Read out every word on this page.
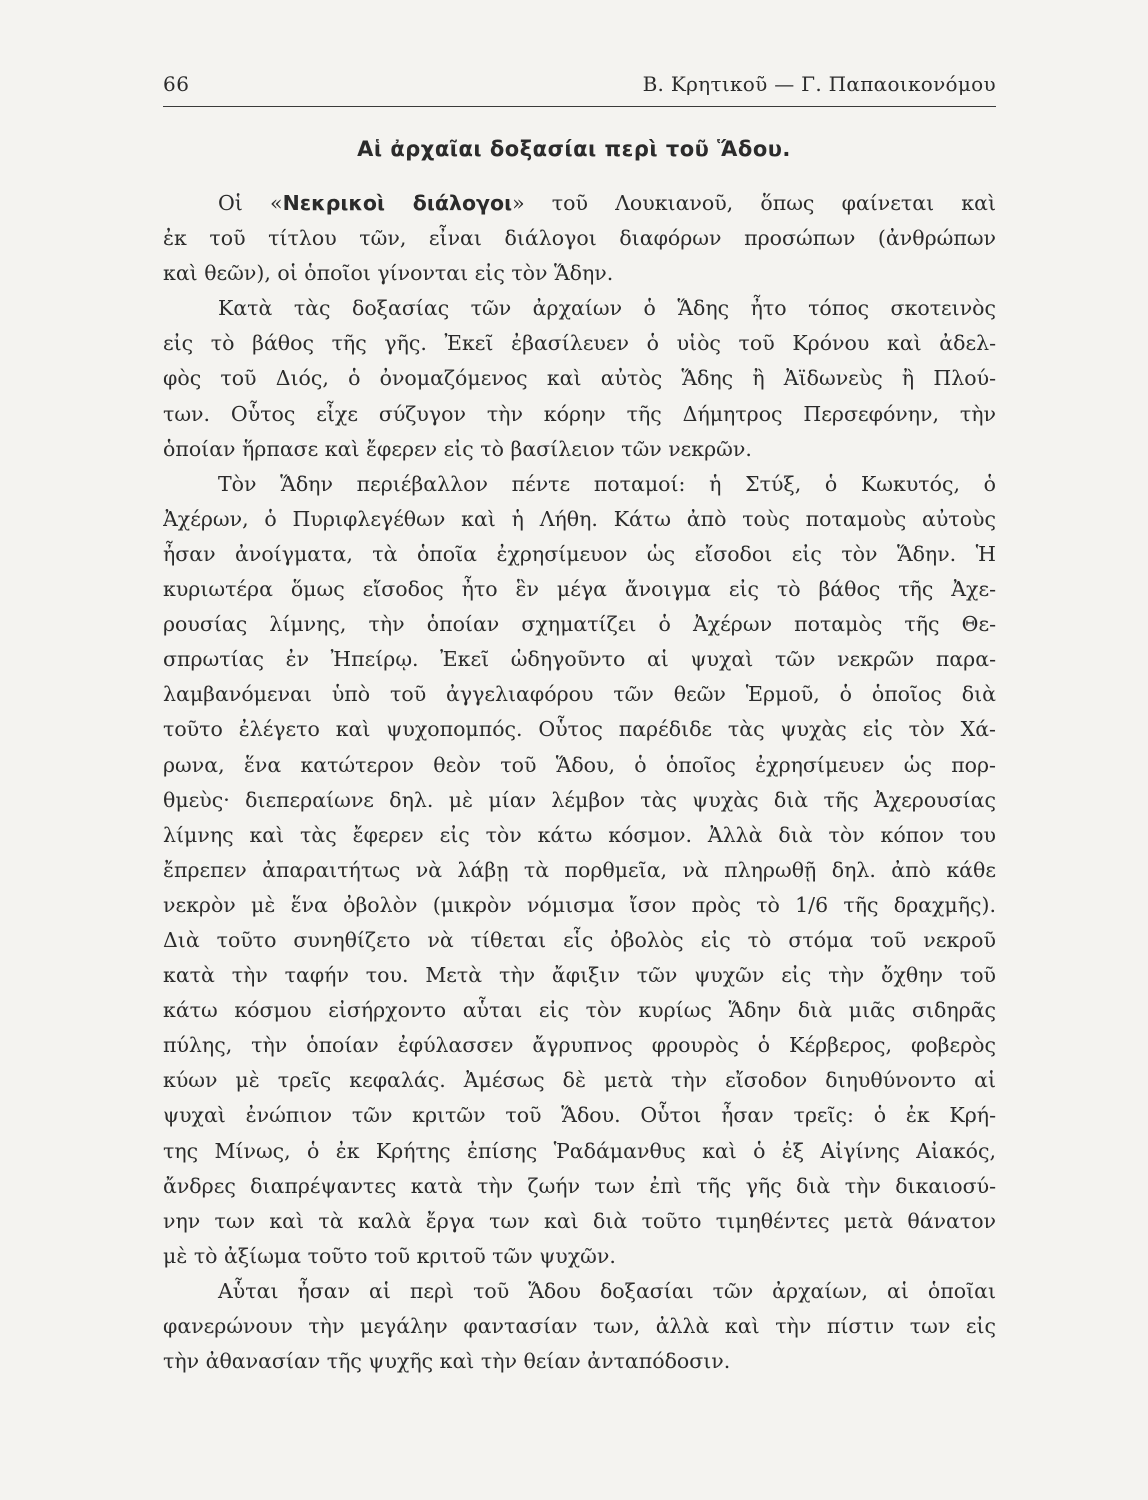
66	Β. Κρητικοῦ — Γ. Παπαοικονόμου
Αἱ ἀρχαῖαι δοξασίαι περὶ τοῦ Ἅδου.
Οἱ «Νεκρικοὶ διάλογοι» τοῦ Λουκιανοῦ, ὅπως φαίνεται καὶ
ἐκ τοῦ τίτλου τῶν, εἶναι διάλογοι διαφόρων προσώπων (ἀνθρώπων
καὶ θεῶν), οἱ ὁποῖοι γίνονται εἰς τὸν Ἅδην.
Κατὰ τὰς δοξασίας τῶν ἀρχαίων ὁ Ἅδης ἦτο τόπος σκοτεινὸς
εἰς τὸ βάθος τῆς γῆς. Ἐκεῖ ἐβασίλευεν ὁ υἱὸς τοῦ Κρόνου καὶ ἀδελ-
φὸς τοῦ Διός, ὁ ὀνομαζόμενος καὶ αὐτὸς Ἅδης ἢ Ἀϊδωνεὺς ἢ Πλού-
των. Οὗτος εἶχε σύζυγον τὴν κόρην τῆς Δήμητρος Περσεφόνην, τὴν
ὁποίαν ἥρπασε καὶ ἔφερεν εἰς τὸ βασίλειον τῶν νεκρῶν.
Τὸν Ἅδην περιέβαλλον πέντε ποταμοί: ἡ Στύξ, ὁ Κωκυτός, ὁ
Ἀχέρων, ὁ Πυριφλεγέθων καὶ ἡ Λήθη. Κάτω ἀπὸ τοὺς ποταμοὺς αὐτοὺς
ἦσαν ἀνοίγματα, τὰ ὁποῖα ἐχρησίμευον ὡς εἴσοδοι εἰς τὸν Ἅδην. Ἡ
κυριωτέρα ὅμως εἴσοδος ἦτο ἓν μέγα ἄνοιγμα εἰς τὸ βάθος τῆς Ἀχε-
ρουσίας λίμνης, τὴν ὁποίαν σχηματίζει ὁ Ἀχέρων ποταμὸς τῆς Θε-
σπρωτίας ἐν Ἠπείρῳ. Ἐκεῖ ὡδηγοῦντο αἱ ψυχαὶ τῶν νεκρῶν παρα-
λαμβανόμεναι ὑπὸ τοῦ ἀγγελιαφόρου τῶν θεῶν Ἑρμοῦ, ὁ ὁποῖος διὰ
τοῦτο ἐλέγετο καὶ ψυχοπομπός. Οὗτος παρέδιδε τὰς ψυχὰς εἰς τὸν Χά-
ρωνα, ἕνα κατώτερον θεὸν τοῦ Ἅδου, ὁ ὁποῖος ἐχρησίμευεν ὡς πορ-
θμεὺς· διεπεραίωνε δηλ. μὲ μίαν λέμβον τὰς ψυχὰς διὰ τῆς Ἀχερουσίας
λίμνης καὶ τὰς ἔφερεν εἰς τὸν κάτω κόσμον. Ἀλλὰ διὰ τὸν κόπον του
ἔπρεπεν ἀπαραιτήτως νὰ λάβῃ τὰ πορθμεῖα, νὰ πληρωθῇ δηλ. ἀπὸ κάθε
νεκρὸν μὲ ἕνα ὀβολὸν (μικρὸν νόμισμα ἴσον πρὸς τὸ 1/6 τῆς δραχμῆς).
Διὰ τοῦτο συνηθίζετο νὰ τίθεται εἷς ὀβολὸς εἰς τὸ στόμα τοῦ νεκροῦ
κατὰ τὴν ταφήν του. Μετὰ τὴν ἄφιξιν τῶν ψυχῶν εἰς τὴν ὄχθην τοῦ
κάτω κόσμου εἰσήρχοντο αὗται εἰς τὸν κυρίως Ἅδην διὰ μιᾶς σιδηρᾶς
πύλης, τὴν ὁποίαν ἐφύλασσεν ἄγρυπνος φρουρὸς ὁ Κέρβερος, φοβερὸς
κύων μὲ τρεῖς κεφαλάς. Ἀμέσως δὲ μετὰ τὴν εἴσοδον διηυθύνοντο αἱ
ψυχαὶ ἐνώπιον τῶν κριτῶν τοῦ Ἅδου. Οὗτοι ἦσαν τρεῖς: ὁ ἐκ Κρή-
της Μίνως, ὁ ἐκ Κρήτης ἐπίσης Ῥαδάμανθυς καὶ ὁ ἐξ Αἰγίνης Αἰακός,
ἄνδρες διαπρέψαντες κατὰ τὴν ζωήν των ἐπὶ τῆς γῆς διὰ τὴν δικαιοσύ-
νην των καὶ τὰ καλὰ ἔργα των καὶ διὰ τοῦτο τιμηθέντες μετὰ θάνατον
μὲ τὸ ἀξίωμα τοῦτο τοῦ κριτοῦ τῶν ψυχῶν.
Αὗται ἦσαν αἱ περὶ τοῦ Ἅδου δοξασίαι τῶν ἀρχαίων, αἱ ὁποῖαι
φανερώνουν τὴν μεγάλην φαντασίαν των, ἀλλὰ καὶ τὴν πίστιν των εἰς
τὴν ἀθανασίαν τῆς ψυχῆς καὶ τὴν θείαν ἀνταπόδοσιν.
